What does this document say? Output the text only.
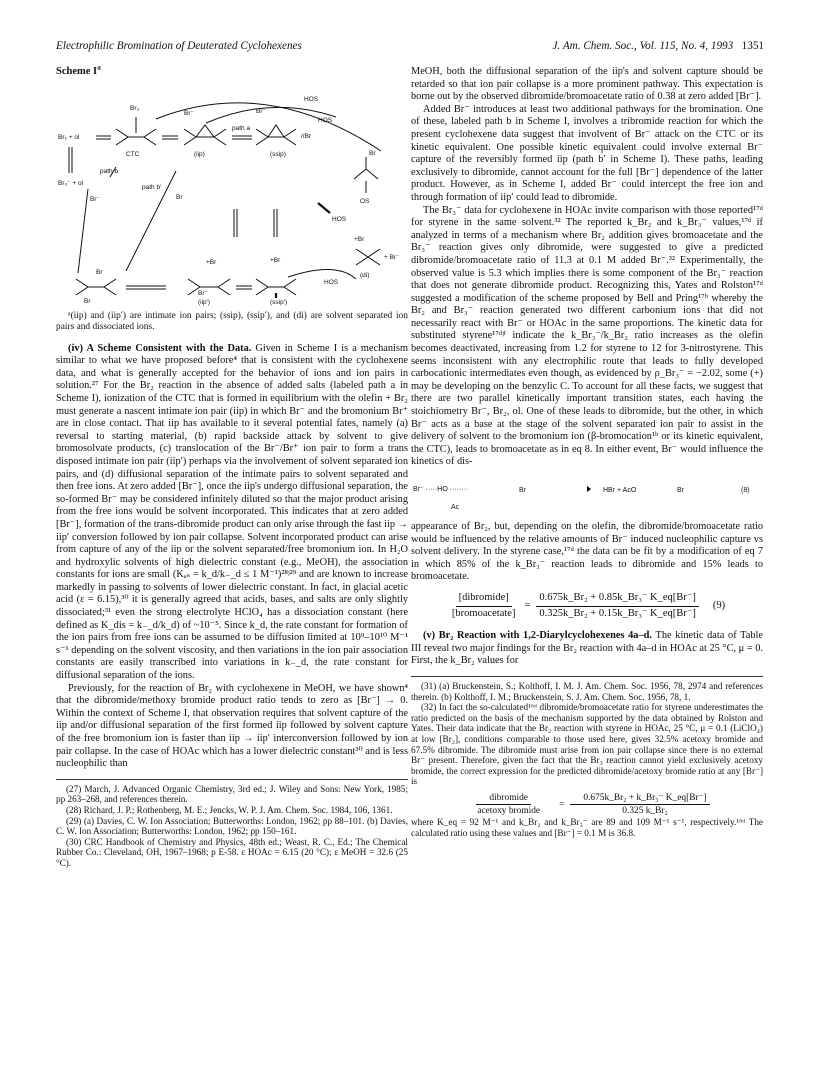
Electrophilic Bromination of Deuterated Cyclohexenes	J. Am. Chem. Soc., Vol. 115, No. 4, 1993 1351
Scheme $I^a$
HOS
HOS
Br₂ + ol
Br₃
CTC
Br⁻
(iip)
path a
Br⁻
(ssip)
//Br
Br
OS
HOS
+Br
+ Br⁻
(di)
Br₃⁻ + ol
path b
path b′
Br⁻	Br
Br
Br
+Br
Br⁻
(iip′)
+Br
(ssip′)
HOS
ᵃ(iip) and (iip′) are intimate ion pairs; (ssip), (ssip′), and (di) are solvent separated ion pairs and dissociated ions.

(iv) A Scheme Consistent with the Data. Given in Scheme I is a mechanism similar to what we have proposed before⁴ that is consistent with the cyclohexene data, and what is generally accepted for the behavior of ions and ion pairs in solution.²⁷ For the Br₂ reaction in the absence of added salts (labeled path a in Scheme I), ionization of the CTC that is formed in equilibrium with the olefin + Br₂ must generate a nascent intimate ion pair (iip) in which Br⁻ and the bromonium Br⁺ are in close contact. That iip has available to it several potential fates, namely (a) reversal to starting material, (b) rapid backside attack by solvent to give bromosolvate products, (c) translocation of the Br⁻/Br⁺ ion pair to form a trans disposed intimate ion pair (iip′) perhaps via the involvement of solvent separated ion pairs, and (d) diffusional separation of the intimate pairs to solvent separated and then free ions. At zero added [Br⁻], once the iip's undergo diffusional separation, the so-formed Br⁻ may be considered infinitely diluted so that the major product arising from the free ions would be solvent incorporated. This indicates that at zero added [Br⁻], formation of the trans-dibromide product can only arise through the fast iip → iip′ conversion followed by ion pair collapse. Solvent incorporated product can arise from capture of any of the iip or the solvent separated/free bromonium ion. In H₂O and hydroxylic solvents of high dielectric constant (e.g., MeOH), the association constants for ions are small (Kₐₛ = k_d/k₋_d ≤ 1 M⁻¹)²⁸ʲ²⁹ and are known to increase markedly in passing to solvents of lower dielectric constant. In fact, in glacial acetic acid (ε = 6.15),³⁰ it is generally agreed that acids, bases, and salts are only slightly dissociated;³¹ even the strong electrolyte HClO₄ has a dissociation constant (here defined as K_dis = k₋_d/k_d) of ~10⁻⁵. Since k_d, the rate constant for formation of the ion pairs from free ions can be assumed to be diffusion limited at 10⁹–10¹⁰ M⁻¹ s⁻¹ depending on the solvent viscosity, and then variations in the ion pair association constants are easily transcribed into variations in k₋_d, the rate constant for diffusional separation of the ions.

Previously, for the reaction of Br₂ with cyclohexene in MeOH, we have shown⁴ that the dibromide/methoxy bromide product ratio tends to zero as [Br⁻] → 0. Within the context of Scheme I, that observation requires that solvent capture of the iip and/or diffusional separation of the first formed iip followed by solvent capture of the free bromonium ion is faster than iip → iip′ interconversion followed by ion pair collapse. In the case of HOAc which has a lower dielectric constant³⁰ and is less nucleophilic than

(27) March, J. Advanced Organic Chemistry, 3rd ed.; J. Wiley and Sons: New York, 1985; pp 263–268, and references therein.
(28) Richard, J. P.; Rothenberg, M. E.; Jencks, W. P. J. Am. Chem. Soc. 1984, 106, 1361.
(29) (a) Davies, C. W. Ion Association; Butterworths: London, 1962; pp 88–101. (b) Davies, C. W. Ion Association; Butterworths: London, 1962; pp 150–161.
(30) CRC Handbook of Chemistry and Physics, 48th ed.; Weast, R. C., Ed.; The Chemical Rubber Co.: Cleveland, OH, 1967–1968; p E-58. ε HOAc = 6.15 (20 °C); ε MeOH = 32.6 (25 °C).

MeOH, both the diffusional separation of the iip's and solvent capture should be retarded so that ion pair collapse is a more prominent pathway. This expectation is borne out by the observed dibromide/bromoacetate ratio of 0.38 at zero added [Br⁻].

Added Br⁻ introduces at least two additional pathways for the bromination. One of these, labeled path b in Scheme I, involves a tribromide reaction for which the present cyclohexene data suggest that involvent of Br⁻ attack on the CTC or its kinetic equivalent. One possible kinetic equivalent could involve external Br⁻ capture of the reversibly formed iip (path b′ in Scheme I). These paths, leading exclusively to dibromide, cannot account for the full [Br⁻] dependence of the latter product. However, as in Scheme I, added Br⁻ could intercept the free ion and through formation of iip′ could lead to dibromide.

The Br₃⁻ data for cyclohexene in HOAc invite comparison with those reported¹⁷ᵈ for styrene in the same solvent.³² The reported k_Br₂ and k_Br₃⁻ values,¹⁷ᵈ if analyzed in terms of a mechanism where Br₂ addition gives bromoacetate and the Br₃⁻ reaction gives only dibromide, were suggested to give a predicted dibromide/bromoacetate ratio of 11.3 at 0.1 M added Br⁻.³² Experimentally, the observed value is 5.3 which implies there is some component of the Br₃⁻ reaction that does not generate dibromide product. Recognizing this, Yates and Rolston¹⁷ᵈ suggested a modification of the scheme proposed by Bell and Pring¹⁷ᵇ whereby the Br₂ and Br₃⁻ reaction generated two different carbonium ions that did not necessarily react with Br⁻ or HOAc in the same proportions. The kinetic data for substituted styrene¹⁷ᵈʲᶠ indicate the k_Br₃⁻/k_Br₂ ratio increases as the olefin becomes deactivated, increasing from 1.2 for styrene to 12 for 3-nitrostyrene. This seems inconsistent with any electrophilic route that leads to fully developed carbocationic intermediates even though, as evidenced by ρ_Br₃⁻ = −2.02, some (+) may be developing on the benzylic C. To account for all these facts, we suggest that there are two parallel kinetically important transition states, each having the stoichiometry Br⁻, Br₂, ol. One of these leads to dibromide, but the other, in which Br⁻ acts as a base at the stage of the solvent separated ion pair to assist in the delivery of solvent to the bromonium ion (β-bromocation¹ᵇ or its kinetic equivalent, the CTC), leads to bromoacetate as in eq 8. In either event, Br⁻ would influence the kinetics of dis-

Br⁻ ·····HO ········
Ac
Br	HBr + AcO	Br	(8)

appearance of Br₂, but, depending on the olefin, the dibromide/bromoacetate ratio would be influenced by the relative amounts of Br⁻ induced nucleophilic capture vs solvent delivery. In the styrene case,¹⁷ᵈ the data can be fit by a modification of eq 7 in which 85% of the k_Br₃⁻ reaction leads to dibromide and 15% leads to bromoacetate.

$\frac{\text{[dibromide]}}{\text{[bromoacetate]}} = \frac{\text{0.675k\_Br₂ + 0.85k\_Br₃⁻ K\_eq[Br⁻]}}{\text{0.325k\_Br₂ + 0.15k\_Br₃⁻ K\_eq[Br⁻]}} (9)$

(v) Br₂ Reaction with 1,2-Diarylcyclohexenes 4a–d. The kinetic data of Table III reveal two major findings for the Br₂ reaction with 4a–d in HOAc at 25 °C, μ = 0. First, the k_Br₂ values for

(31) (a) Bruckenstein, S.; Kolthoff, I. M. J. Am. Chem. Soc. 1956, 78, 2974 and references therein. (b) Kolthoff, I. M.; Bruckenstein, S. J. Am. Chem. Soc. 1956, 78, 1.
(32) In fact the so-calculated¹⁶ᵈ dibromide/bromoacetate ratio for styrene underestimates the ratio predicted on the basis of the mechanism supported by the data obtained by Rolston and Yates. Their data indicate that the Br₂ reaction with styrene in HOAc, 25 °C, μ = 0.1 (LiClO₄) at low [Br₂], conditions comparable to those used here, gives 32.5% acetoxy bromide and 67.5% dibromide. The dibromide must arise from ion pair collapse since there is no external Br⁻ present. Therefore, given the fact that the Br₃ reaction cannot yield exclusively acetoxy bromide, the correct expression for the predicted dibromide/acetoxy bromide ratio at any [Br⁻] is
$\frac{\text{dibromide}}{\text{acetoxy bromide}}$	= $\frac{\text{0.675k\_Br₂ + k\_Br₃⁻ K\_eq[Br⁻]}}{\text{0.325 k\_Br₂}}$
where K_eq = 92 M⁻¹ and k_Br₂ and k_Br₃⁻ are 89 and 109 M⁻¹ s⁻¹, respectively.¹⁶ᵈ The calculated ratio using these values and [Br⁻] = 0.1 M is 36.8.
